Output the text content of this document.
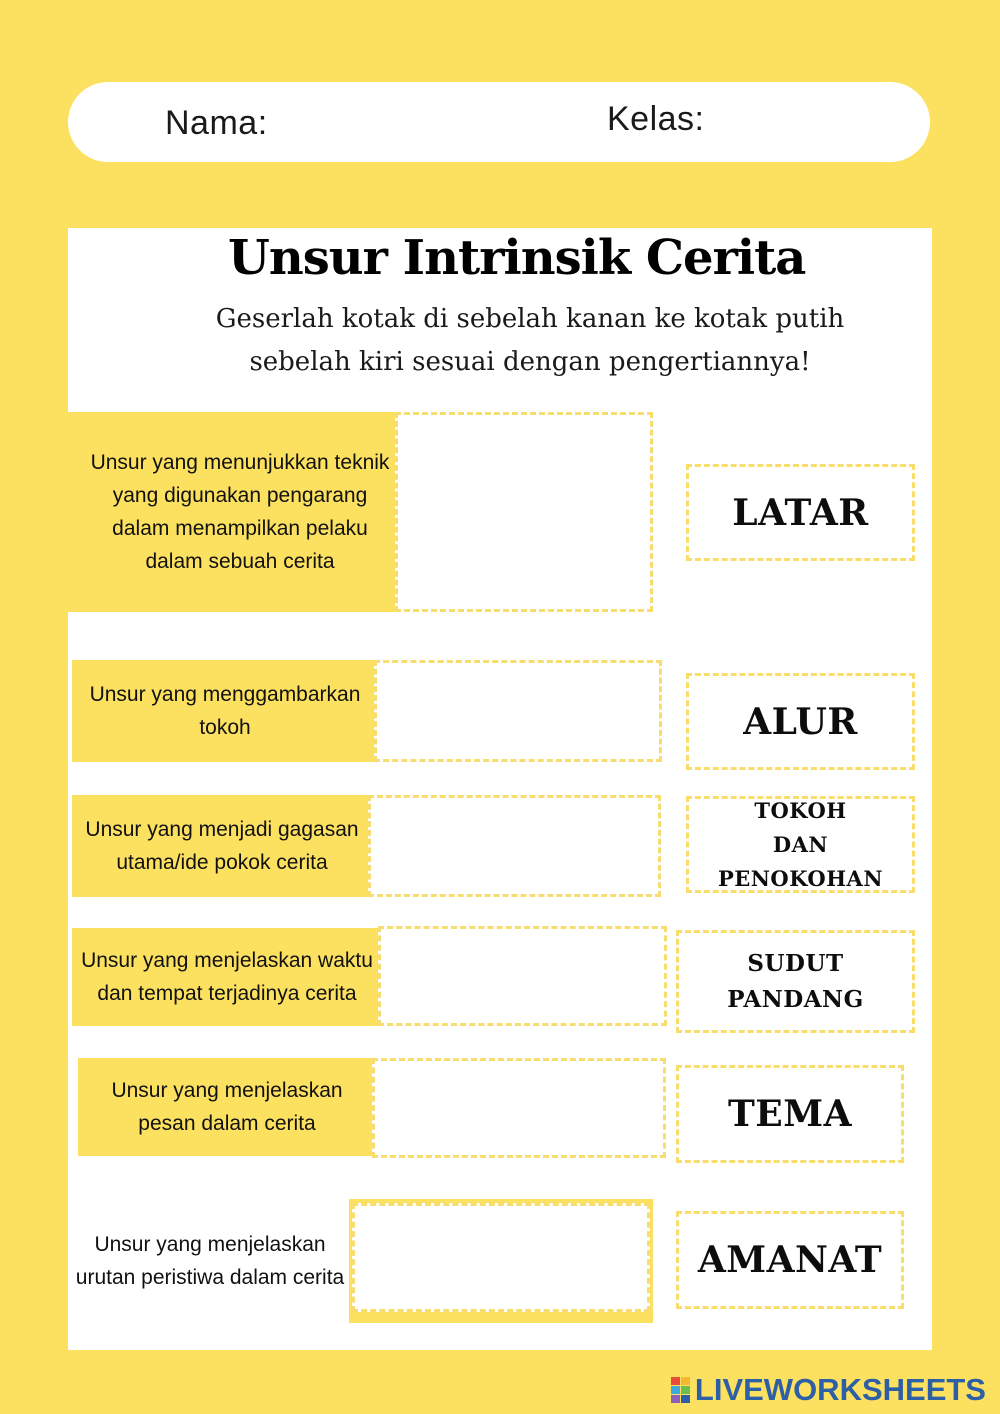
Nama:	Kelas:
Unsur Intrinsik Cerita
Geserlah kotak di sebelah kanan ke kotak putih
sebelah kiri sesuai dengan pengertiannya!
Unsur yang menunjukkan teknik yang digunakan pengarang dalam menampilkan pelaku dalam sebuah cerita
Unsur yang menggambarkan tokoh
Unsur yang menjadi gagasan utama/ide pokok cerita
Unsur yang menjelaskan waktu dan tempat terjadinya cerita
Unsur yang menjelaskan pesan dalam cerita
Unsur yang menjelaskan urutan peristiwa dalam cerita
LATAR
ALUR
TOKOH
DAN PENOKOHAN
SUDUT
PANDANG
TEMA
AMANAT
LIVEWORKSHEETS
